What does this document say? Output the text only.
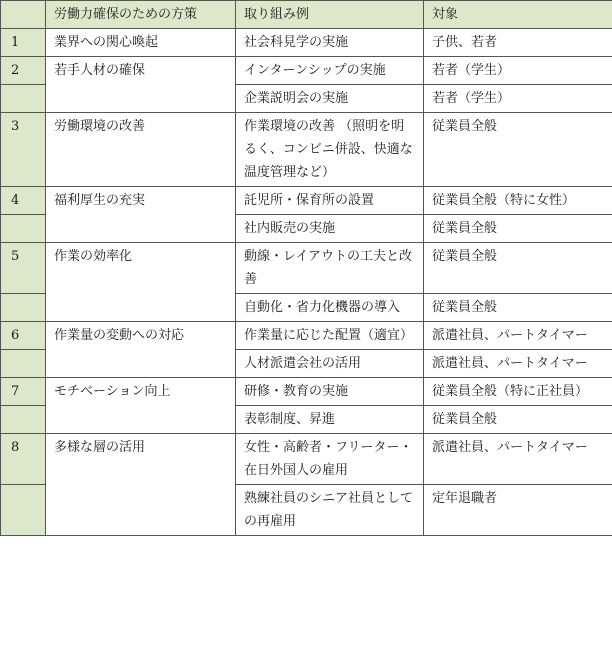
	労働力確保のための方策	取り組み例	対象
1	業界への関心喚起	社会科見学の実施	子供、若者
2	若手人材の確保	インターンシップの実施	若者（学生）
		企業説明会の実施	若者（学生）
3	労働環境の改善	作業環境の改善 （照明を明るく、コンビニ併設、快適な温度管理など）	従業員全般
4	福利厚生の充実	託児所・保育所の設置	従業員全般（特に女性）
		社内販売の実施	従業員全般
5	作業の効率化	動線・レイアウトの工夫と改善	従業員全般
		自動化・省力化機器の導入	従業員全般
6	作業量の変動への対応	作業量に応じた配置（適宜）	派遣社員、パートタイマー
		人材派遣会社の活用	派遣社員、パートタイマー
7	モチベーション向上	研修・教育の実施	従業員全般（特に正社員）
		表彰制度、昇進	従業員全般
8	多様な層の活用	女性・高齢者・フリーター・在日外国人の雇用	派遣社員、パートタイマー
		熟練社員のシニア社員としての再雇用	定年退職者
